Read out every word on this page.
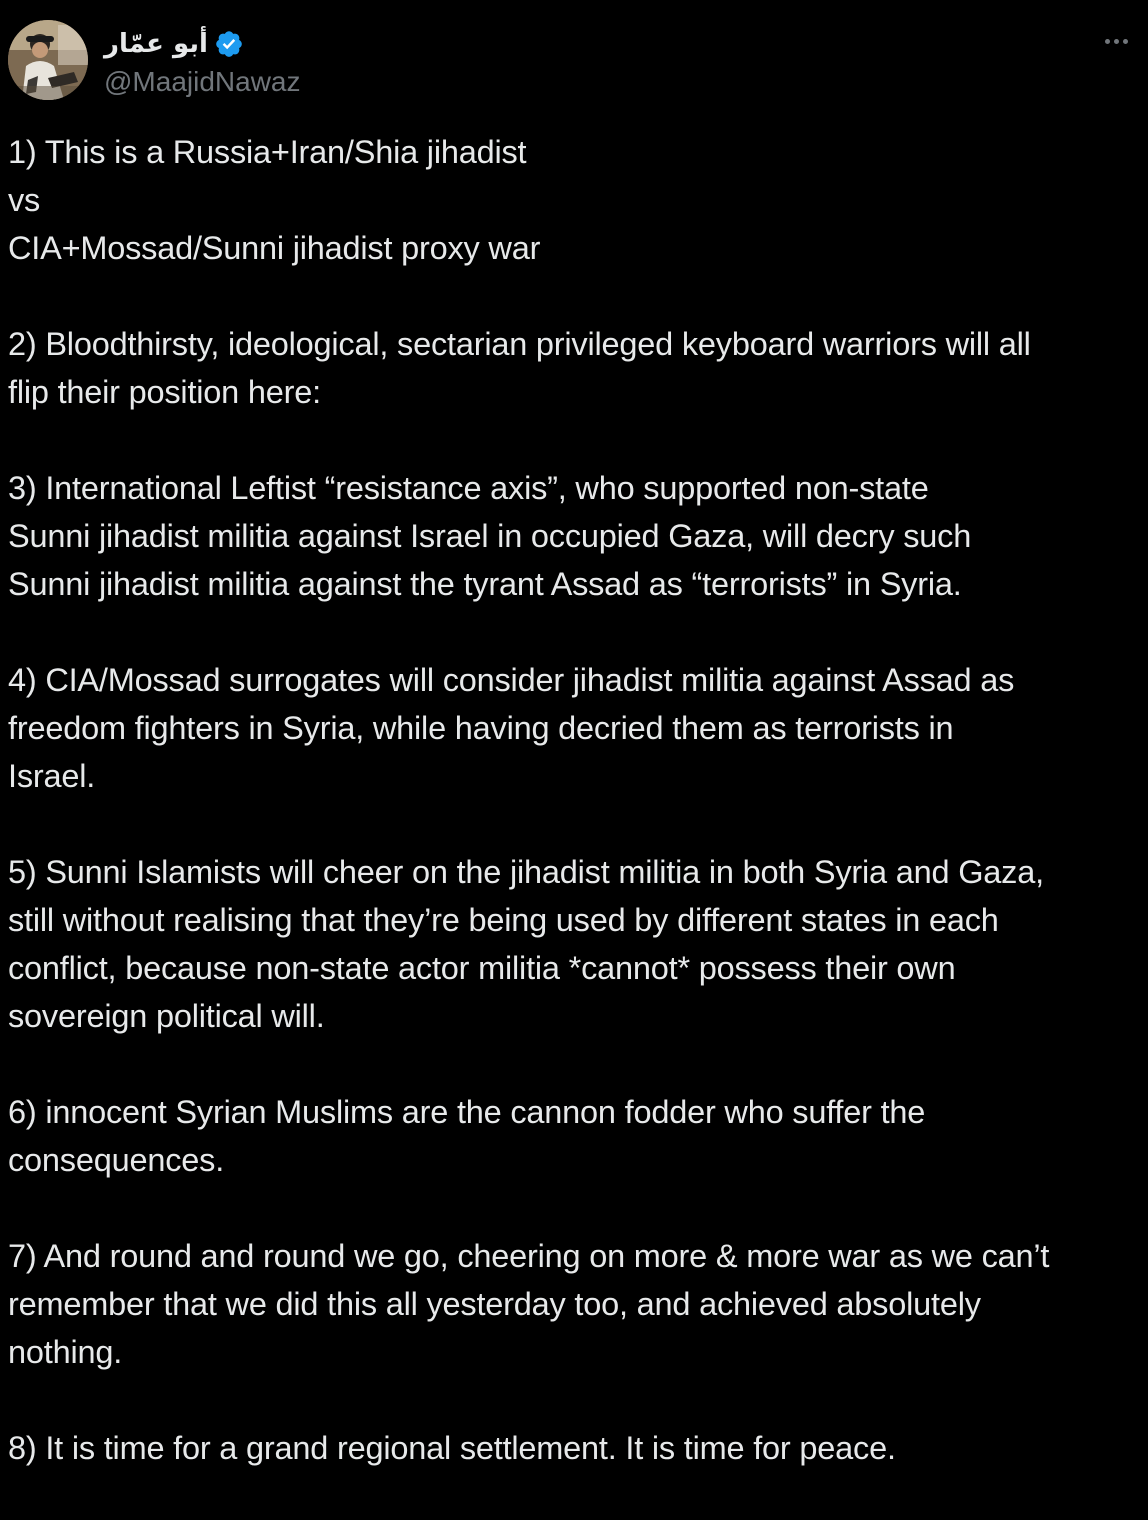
أبو عمّار
@MaajidNawaz

1) This is a Russia+Iran/Shia jihadist
vs
CIA+Mossad/Sunni jihadist proxy war

2) Bloodthirsty, ideological, sectarian privileged keyboard warriors will all
flip their position here:

3) International Leftist “resistance axis”, who supported non-state
Sunni jihadist militia against Israel in occupied Gaza, will decry such
Sunni jihadist militia against the tyrant Assad as “terrorists” in Syria.

4) CIA/Mossad surrogates will consider jihadist militia against Assad as
freedom fighters in Syria, while having decried them as terrorists in
Israel.

5) Sunni Islamists will cheer on the jihadist militia in both Syria and Gaza,
still without realising that they’re being used by different states in each
conflict, because non-state actor militia *cannot* possess their own
sovereign political will.

6) innocent Syrian Muslims are the cannon fodder who suffer the
consequences.

7) And round and round we go, cheering on more & more war as we can’t
remember that we did this all yesterday too, and achieved absolutely
nothing.

8) It is time for a grand regional settlement. It is time for peace.
